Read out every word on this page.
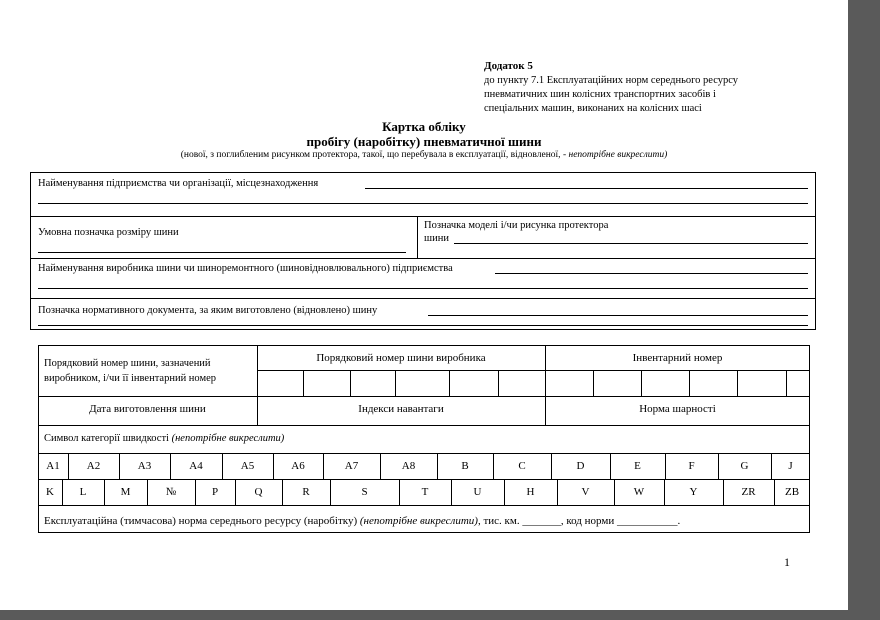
Додаток 5
до пункту 7.1 Експлуатаційних норм середнього ресурсу
пневматичних шин колісних транспортних засобів і
спеціальних машин, виконаних на колісних шасі
Картка обліку
пробігу (наробітку) пневматичної шини
(нової, з поглибленим рисунком протектора, такої, що перебувала в експлуатації, відновленої, - непотрібне викреслити)
Найменування підприємства чи організації, місцезнаходження
Умовна позначка розміру шини
Позначка моделі і/чи рисунка протектора
шини
Найменування виробника шини чи шиноремонтного (шиновідновлювального) підприємства
Позначка нормативного документа, за яким виготовлено (відновлено) шину
Порядковий номер шини, зазначений
виробником, і/чи її інвентарний номер
Порядковий номер шини виробника	Інвентарний номер
Дата виготовлення шини	Індекси навантаги	Норма шарності
Символ категорії швидкості (непотрібне викреслити)
Експлуатаційна (тимчасова) норма середнього ресурсу (наробітку) (непотрібне викреслити), тис. км. _______, код норми ___________.
1
A1	A2	A3	A4	A5	A6	A7	A8	B	C	D	E	F	G	J
K	L	M	№	P	Q	R	S	T	U	H	V	W	Y	ZR	ZB
